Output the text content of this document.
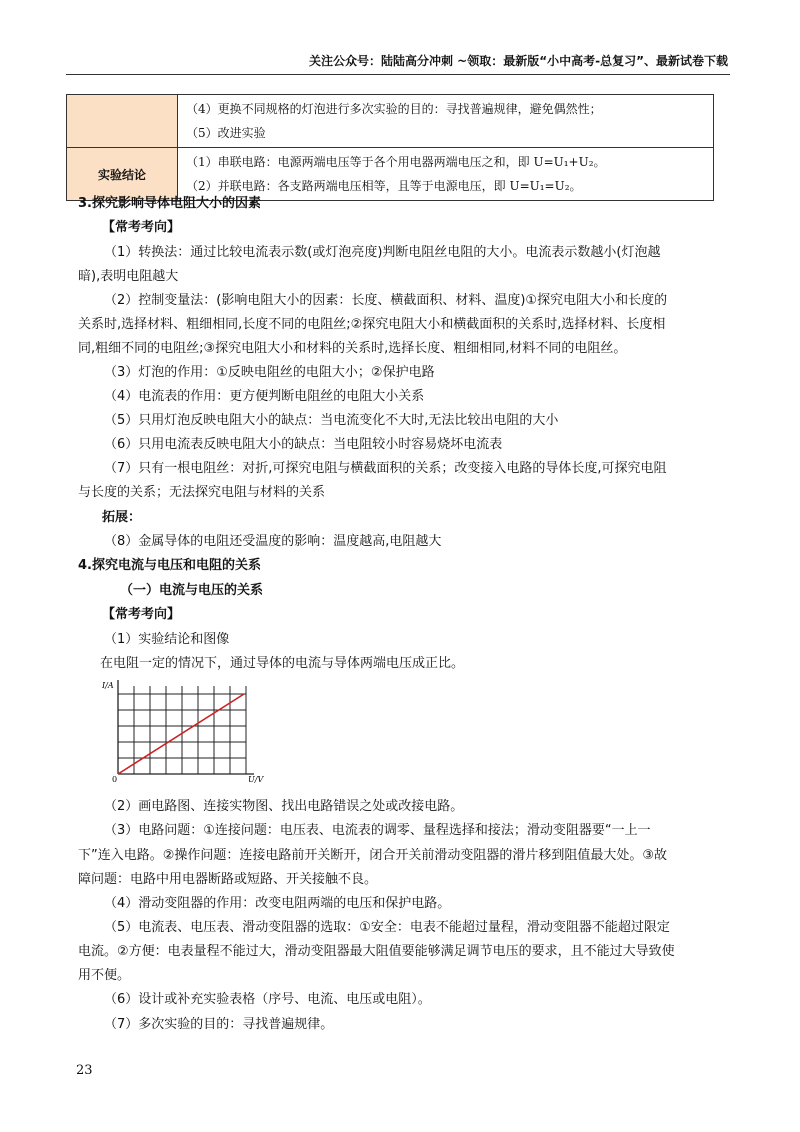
关注公众号：陆陆高分冲刺 ~领取：最新版“小中高考-总复习”、最新试卷下载

	（4）更换不同规格的灯泡进行多次实验的目的：寻找普遍规律，避免偶然性；
（5）改进实验

实验结论	（1）串联电路：电源两端电压等于各个用电器两端电压之和，即 U=U₁+U₂。
（2）并联电路：各支路两端电压相等，且等于电源电压，即 U=U₁=U₂。
3.探究影响导体电阻大小的因素
【常考考向】
（1）转换法：通过比较电流表示数(或灯泡亮度)判断电阻丝电阻的大小。电流表示数越小(灯泡越
暗),表明电阻越大
（2）控制变量法：(影响电阻大小的因素：长度、横截面积、材料、温度)①探究电阻大小和长度的
关系时,选择材料、粗细相同,长度不同的电阻丝;②探究电阻大小和横截面积的关系时,选择材料、长度相
同,粗细不同的电阻丝;③探究电阻大小和材料的关系时,选择长度、粗细相同,材料不同的电阻丝。
（3）灯泡的作用：①反映电阻丝的电阻大小；②保护电路
（4）电流表的作用：更方便判断电阻丝的电阻大小关系
（5）只用灯泡反映电阻大小的缺点：当电流变化不大时,无法比较出电阻的大小
（6）只用电流表反映电阻大小的缺点：当电阻较小时容易烧坏电流表
（7）只有一根电阻丝：对折,可探究电阻与横截面积的关系；改变接入电路的导体长度,可探究电阻
与长度的关系；无法探究电阻与材料的关系
拓展：
（8）金属导体的电阻还受温度的影响：温度越高,电阻越大
4.探究电流与电压和电阻的关系
（一）电流与电压的关系
【常考考向】
（1）实验结论和图像
在电阻一定的情况下，通过导体的电流与导体两端电压成正比。
I/A
U/V
0
（2）画电路图、连接实物图、找出电路错误之处或改接电路。
（3）电路问题：①连接问题：电压表、电流表的调零、量程选择和接法；滑动变阻器要“一上一
下”连入电路。②操作问题：连接电路前开关断开，闭合开关前滑动变阻器的滑片移到阻值最大处。③故
障问题：电路中用电器断路或短路、开关接触不良。
（4）滑动变阻器的作用：改变电阻两端的电压和保护电路。
（5）电流表、电压表、滑动变阻器的选取：①安全：电表不能超过量程，滑动变阻器不能超过限定
电流。②方便：电表量程不能过大，滑动变阻器最大阻值要能够满足调节电压的要求，且不能过大导致使
用不便。
（6）设计或补充实验表格（序号、电流、电压或电阻）。
（7）多次实验的目的：寻找普遍规律。
23
